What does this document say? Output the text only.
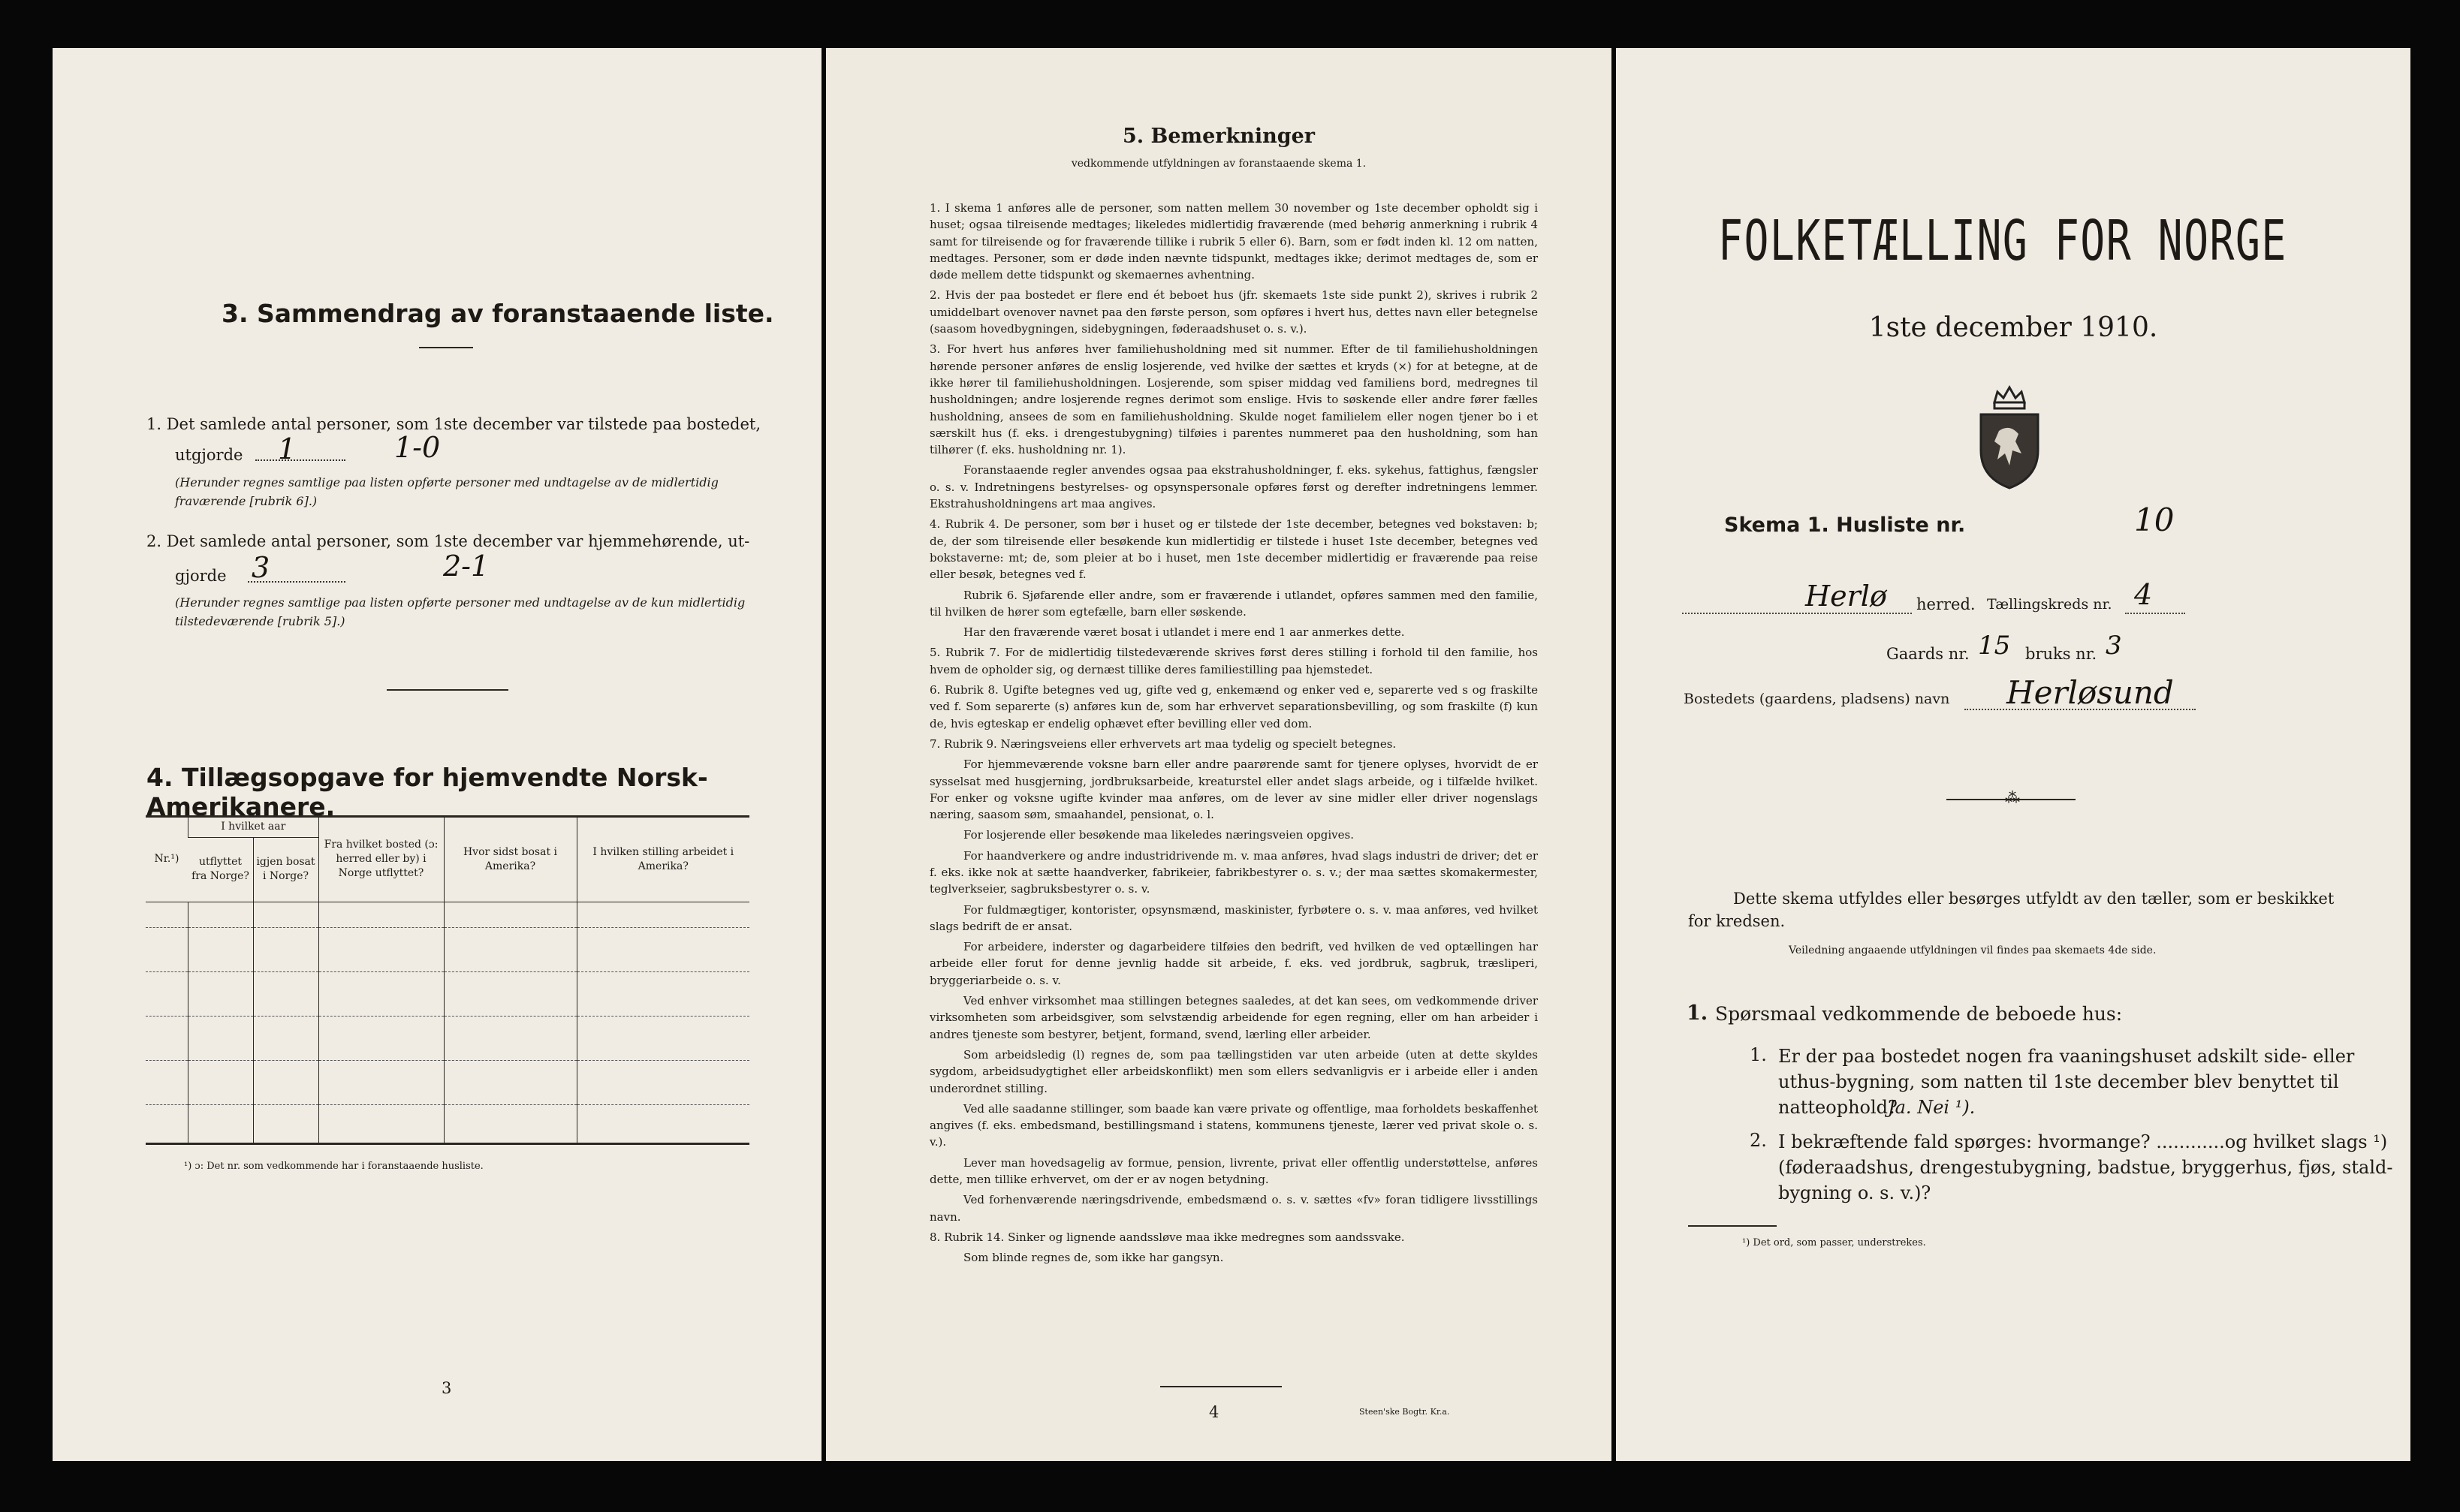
3. Sammendrag av foranstaaende liste.
1. Det samlede antal personer, som 1ste december var tilstede paa bostedet,
utgjorde 1	1-0
(Herunder regnes samtlige paa listen opførte personer med undtagelse av de midlertidig fraværende [rubrik 6].)
2. Det samlede antal personer, som 1ste december var hjemmehørende, ut-
gjorde 3	2-1
(Herunder regnes samtlige paa listen opførte personer med undtagelse av de kun midlertidig tilstedeværende [rubrik 5].)
4. Tillægsopgave for hjemvendte Norsk-Amerikanere.
Nr.¹)	I hvilket aar		Fra hvilket bosted (ɔ: herred eller by) i Norge utflyttet?	Hvor sidst bosat i Amerika?	I hvilken stilling arbeidet i Amerika?
	utflyttet fra Norge?	igjen bosat i Norge?			

¹) ɔ: Det nr. som vedkommende har i foranstaaende husliste.
3
5. Bemerkninger
vedkommende utfyldningen av foranstaaende skema 1.

1. I skema 1 anføres alle de personer, som natten mellem 30 november og 1ste december opholdt sig i huset; ogsaa tilreisende medtages; likeledes midlertidig fraværende (med behørig anmerkning i rubrik 4 samt for tilreisende og for fraværende tillike i rubrik 5 eller 6). Barn, som er født inden kl. 12 om natten, medtages. Personer, som er døde inden nævnte tidspunkt, medtages ikke; derimot medtages de, som er døde mellem dette tidspunkt og skemaernes avhentning.

2. Hvis der paa bostedet er flere end ét beboet hus (jfr. skemaets 1ste side punkt 2), skrives i rubrik 2 umiddelbart ovenover navnet paa den første person, som opføres i hvert hus, dettes navn eller betegnelse (saasom hovedbygningen, sidebygningen, føderaadshuset o. s. v.).

3. For hvert hus anføres hver familiehusholdning med sit nummer. Efter de til familiehusholdningen hørende personer anføres de enslig losjerende, ved hvilke der sættes et kryds (×) for at betegne, at de ikke hører til familiehusholdningen. Losjerende, som spiser middag ved familiens bord, medregnes til husholdningen; andre losjerende regnes derimot som enslige. Hvis to søskende eller andre fører fælles husholdning, ansees de som en familiehusholdning. Skulde noget familielem eller nogen tjener bo i et særskilt hus (f. eks. i drengestubygning) tilføies i parentes nummeret paa den husholdning, som han tilhører (f. eks. husholdning nr. 1).

Foranstaaende regler anvendes ogsaa paa ekstrahusholdninger, f. eks. sykehus, fattighus, fængsler o. s. v. Indretningens bestyrelses- og opsynspersonale opføres først og derefter indretningens lemmer. Ekstrahusholdningens art maa angives.

4. Rubrik 4. De personer, som bør i huset og er tilstede der 1ste december, betegnes ved bokstaven: b; de, der som tilreisende eller besøkende kun midlertidig er tilstede i huset 1ste december, betegnes ved bokstaverne: mt; de, som pleier at bo i huset, men 1ste december midlertidig er fraværende paa reise eller besøk, betegnes ved f.

Rubrik 6. Sjøfarende eller andre, som er fraværende i utlandet, opføres sammen med den familie, til hvilken de hører som egtefælle, barn eller søskende.

Har den fraværende været bosat i utlandet i mere end 1 aar anmerkes dette.

5. Rubrik 7. For de midlertidig tilstedeværende skrives først deres stilling i forhold til den familie, hos hvem de opholder sig, og dernæst tillike deres familiestilling paa hjemstedet.

6. Rubrik 8. Ugifte betegnes ved ug, gifte ved g, enkemænd og enker ved e, separerte ved s og fraskilte ved f. Som separerte (s) anføres kun de, som har erhvervet separationsbevilling, og som fraskilte (f) kun de, hvis egteskap er endelig ophævet efter bevilling eller ved dom.

7. Rubrik 9. Næringsveiens eller erhvervets art maa tydelig og specielt betegnes.

For hjemmeværende voksne barn eller andre paarørende samt for tjenere oplyses, hvorvidt de er sysselsat med husgjerning, jordbruksarbeide, kreaturstel eller andet slags arbeide, og i tilfælde hvilket. For enker og voksne ugifte kvinder maa anføres, om de lever av sine midler eller driver nogenslags næring, saasom søm, smaahandel, pensionat, o. l.

For losjerende eller besøkende maa likeledes næringsveien opgives.

For haandverkere og andre industridrivende m. v. maa anføres, hvad slags industri de driver; det er f. eks. ikke nok at sætte haandverker, fabrikeier, fabrikbestyrer o. s. v.; der maa sættes skomakermester, teglverkseier, sagbruksbestyrer o. s. v.

For fuldmægtiger, kontorister, opsynsmænd, maskinister, fyrbøtere o. s. v. maa anføres, ved hvilket slags bedrift de er ansat.

For arbeidere, inderster og dagarbeidere tilføies den bedrift, ved hvilken de ved optællingen har arbeide eller forut for denne jevnlig hadde sit arbeide, f. eks. ved jordbruk, sagbruk, træsliperi, bryggeriarbeide o. s. v.

Ved enhver virksomhet maa stillingen betegnes saaledes, at det kan sees, om vedkommende driver virksomheten som arbeidsgiver, som selvstændig arbeidende for egen regning, eller om han arbeider i andres tjeneste som bestyrer, betjent, formand, svend, lærling eller arbeider.

Som arbeidsledig (l) regnes de, som paa tællingstiden var uten arbeide (uten at dette skyldes sygdom, arbeidsudygtighet eller arbeidskonflikt) men som ellers sedvanligvis er i arbeide eller i anden underordnet stilling.

Ved alle saadanne stillinger, som baade kan være private og offentlige, maa forholdets beskaffenhet angives (f. eks. embedsmand, bestillingsmand i statens, kommunens tjeneste, lærer ved privat skole o. s. v.).

Lever man hovedsagelig av formue, pension, livrente, privat eller offentlig understøttelse, anføres dette, men tillike erhvervet, om der er av nogen betydning.

Ved forhenværende næringsdrivende, embedsmænd o. s. v. sættes «fv» foran tidligere livsstillings navn.

8. Rubrik 14. Sinker og lignende aandssløve maa ikke medregnes som aandssvake.

Som blinde regnes de, som ikke har gangsyn.

4	Steen'ske Bogtr. Kr.a.
FOLKETÆLLING FOR NORGE
1ste december 1910.
Skema 1. Husliste nr.	10
Herlø herred. Tællingskreds nr. 4
Gaards nr. 15 bruks nr. 3
Bostedets (gaardens, pladsens) navn Herløsund
⁂
Dette skema utfyldes eller besørges utfyldt av den tæller, som er beskikket for kredsen.
Veiledning angaaende utfyldningen vil findes paa skemaets 4de side.
1. Spørsmaal vedkommende de beboede hus:
1. Er der paa bostedet nogen fra vaaningshuset adskilt side- eller
uthus-bygning, som natten til 1ste december blev benyttet til
natteophold?
Ja. Nei ¹).
2. I bekræftende fald spørges: hvormange? ............og hvilket slags ¹)
(føderaadshus, drengestubygning, badstue, bryggerhus, fjøs, stald-
bygning o. s. v.)?
¹) Det ord, som passer, understrekes.
